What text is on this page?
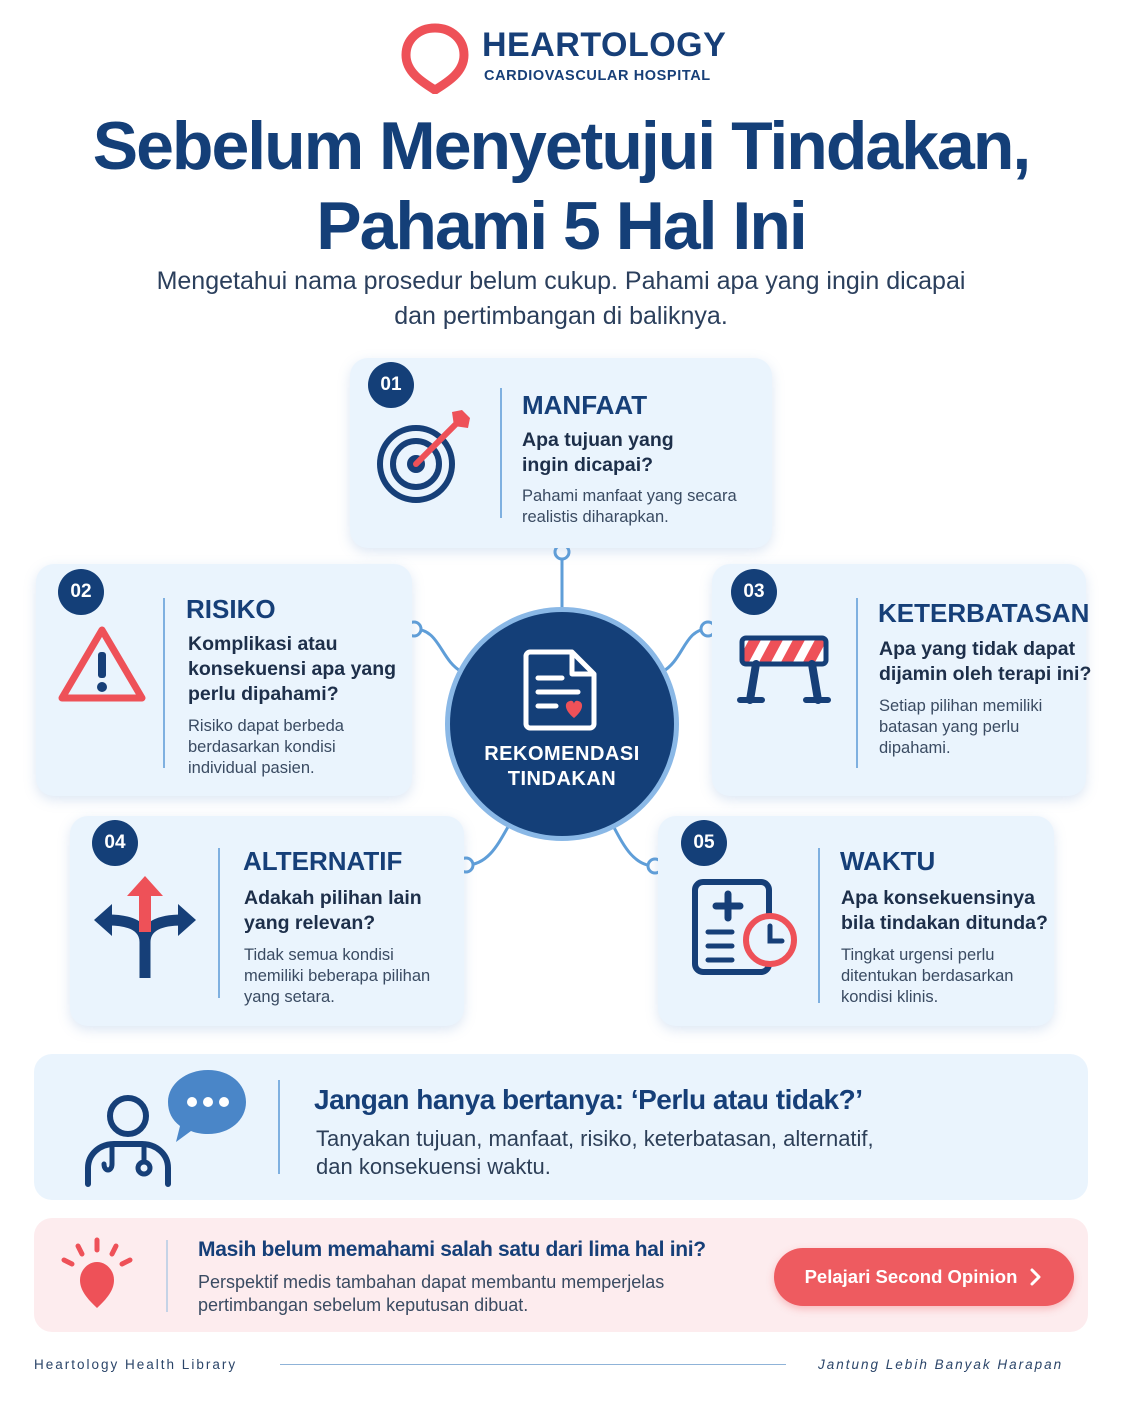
HEARTOLOGY
CARDIOVASCULAR HOSPITAL
Sebelum Menyetujui Tindakan,
Pahami 5 Hal Ini
Mengetahui nama prosedur belum cukup. Pahami apa yang ingin dicapai
dan pertimbangan di baliknya.
01
MANFAAT
Apa tujuan yang
ingin dicapai?
Pahami manfaat yang secara
realistis diharapkan.
02
RISIKO
Komplikasi atau
konsekuensi apa yang
perlu dipahami?
Risiko dapat berbeda
berdasarkan kondisi
individual pasien.
03
KETERBATASAN
Apa yang tidak dapat
dijamin oleh terapi ini?
Setiap pilihan memiliki
batasan yang perlu
dipahami.
04
ALTERNATIF
Adakah pilihan lain
yang relevan?
Tidak semua kondisi
memiliki beberapa pilihan
yang setara.
05
WAKTU
Apa konsekuensinya
bila tindakan ditunda?
Tingkat urgensi perlu
ditentukan berdasarkan
kondisi klinis.
REKOMENDASI
TINDAKAN
Jangan hanya bertanya: ‘Perlu atau tidak?’
Tanyakan tujuan, manfaat, risiko, keterbatasan, alternatif,
dan konsekuensi waktu.
Masih belum memahami salah satu dari lima hal ini?
Perspektif medis tambahan dapat membantu memperjelas
pertimbangan sebelum keputusan dibuat.
Pelajari Second Opinion
Heartology Health Library	Jantung Lebih Banyak Harapan
